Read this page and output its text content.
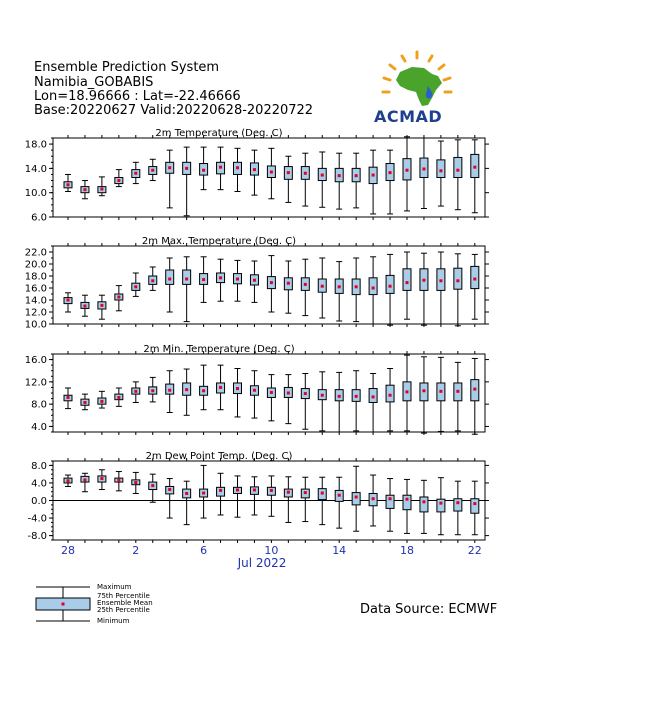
Ensemble Prediction System
Namibia_GOBABIS
Lon=18.96666 : Lat=-22.46666
Base:20220627 Valid:20220628-20220722	ACMAD
2m Temperature (Deg. C)
6.0
10.0
14.0
18.0
2m Max. Temperature (Deg. C)
10.0
12.0
14.0
16.0
18.0
20.0
22.0
2m Min. Temperature (Deg. C)
4.0
8.0
12.0
16.0
2m Dew Point Temp. (Deg. C)
-8.0
-4.0
0.0
4.0
8.0
28	2	6	10	14	18	22
Jul 2022
Maximum
75th Percentile
Ensemble Mean
25th Percentile
Minimum
Data Source: ECMWF
